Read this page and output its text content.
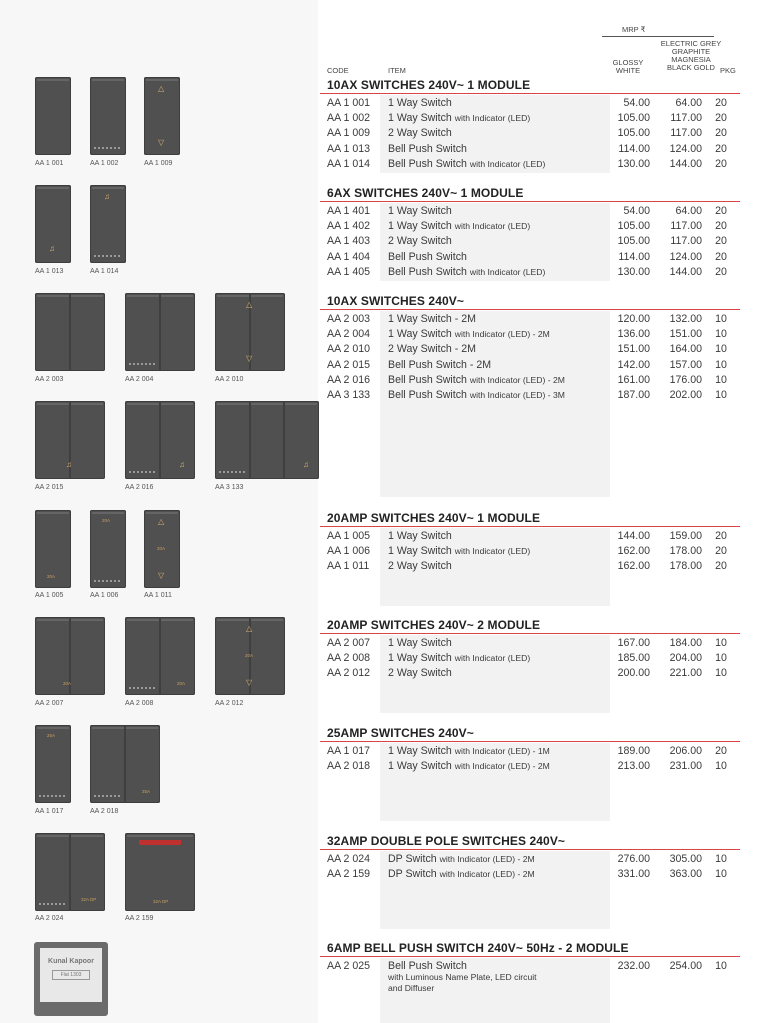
MRP ₹
ELECTRIC GREY
GRAPHITE
MAGNESIA
BLACK GOLD
GLOSSY
WHITE
CODE	ITEM	PKG
10AX SWITCHES 240V~ 1 MODULE
AA 1 001 1 Way Switch	54.00	64.00	20
AA 1 002 1 Way Switch with Indicator (LED)	105.00	117.00	20
AA 1 009 2 Way Switch	105.00	117.00	20
AA 1 013 Bell Push Switch	114.00	124.00	20
AA 1 014 Bell Push Switch with Indicator (LED)	130.00	144.00	20
6AX SWITCHES 240V~ 1 MODULE
AA 1 401 1 Way Switch	54.00	64.00	20
AA 1 402 1 Way Switch with Indicator (LED)	105.00	117.00	20
AA 1 403 2 Way Switch	105.00	117.00	20
AA 1 404 Bell Push Switch	114.00	124.00	20
AA 1 405 Bell Push Switch with Indicator (LED)	130.00	144.00	20
10AX SWITCHES 240V~
AA 2 003 1 Way Switch - 2M	120.00	132.00	10
AA 2 004 1 Way Switch with Indicator (LED) - 2M	136.00	151.00	10
AA 2 010 2 Way Switch - 2M	151.00	164.00	10
AA 2 015 Bell Push Switch - 2M	142.00	157.00	10
AA 2 016 Bell Push Switch with Indicator (LED) - 2M	161.00	176.00	10
AA 3 133 Bell Push Switch with Indicator (LED) - 3M	187.00	202.00	10
20AMP SWITCHES 240V~ 1 MODULE
AA 1 005 1 Way Switch	144.00	159.00	20
AA 1 006 1 Way Switch with Indicator (LED)	162.00	178.00	20
AA 1 011 2 Way Switch	162.00	178.00	20
20AMP SWITCHES 240V~ 2 MODULE
AA 2 007 1 Way Switch	167.00	184.00	10
AA 2 008 1 Way Switch with Indicator (LED)	185.00	204.00	10
AA 2 012 2 Way Switch	200.00	221.00	10
25AMP SWITCHES 240V~
AA 1 017 1 Way Switch with Indicator (LED) - 1M	189.00	206.00	20
AA 2 018 1 Way Switch with Indicator (LED) - 2M	213.00	231.00	10
32AMP DOUBLE POLE SWITCHES 240V~
AA 2 024 DP Switch with Indicator (LED) - 2M	276.00	305.00	10
AA 2 159 DP Switch with Indicator (LED) - 2M	331.00	363.00	10
6AMP BELL PUSH SWITCH 240V~ 50Hz - 2 MODULE
AA 2 025 Bell Push Switch
with Luminous Name Plate, LED circuit
and Diffuser
232.00	254.00	10
△
▽
AA 1 001	AA 1 002	AA 1 009
♫
♫
AA 1 013	AA 1 014
△
▽
AA 2 003	AA 2 004	AA 2 010
♫	♫	♫
AA 2 015	AA 2 016	AA 3 133
20A
20A	△
20A
▽
AA 1 005	AA 1 006	AA 1 011
20A	20A
△
20A
▽
AA 2 007	AA 2 008	AA 2 012
25A
25A
AA 1 017	AA 2 018
32A DP	32A DP
AA 2 024	AA 2 159
Kunal Kapoor
Flat 1303
